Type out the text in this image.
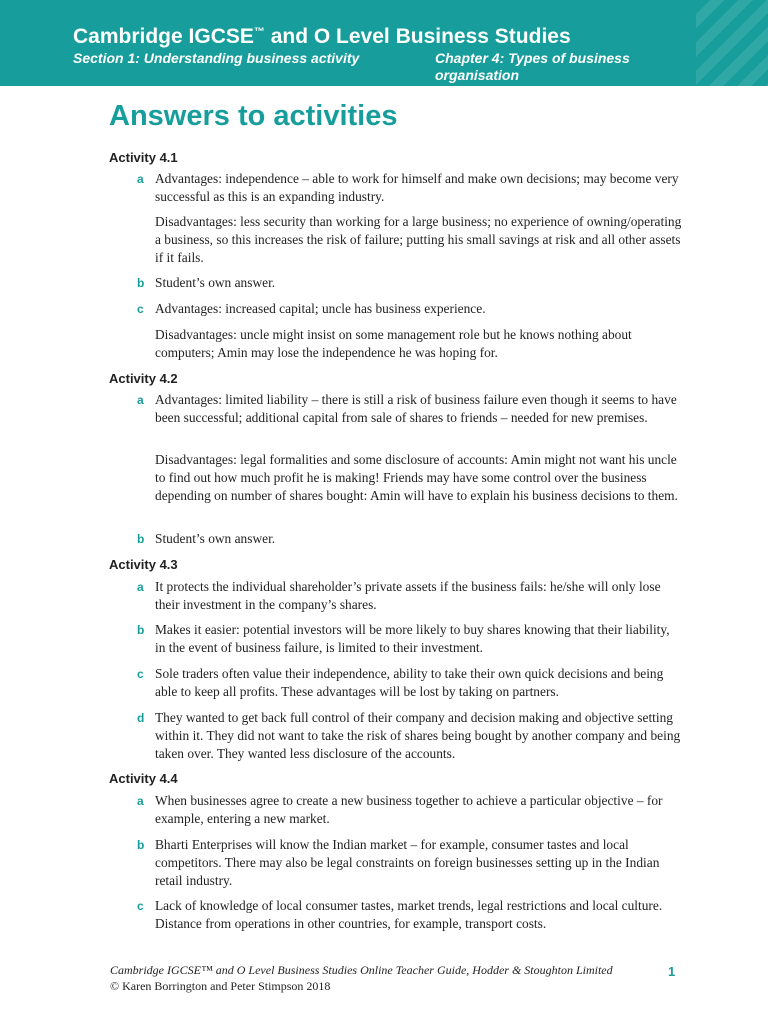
Cambridge IGCSE™ and O Level Business Studies
Section 1: Understanding business activity	Chapter 4: Types of business organisation
Answers to activities
Activity 4.1
a Advantages: independence – able to work for himself and make own decisions; may become very successful as this is an expanding industry.
Disadvantages: less security than working for a large business; no experience of owning/operating a business, so this increases the risk of failure; putting his small savings at risk and all other assets if it fails.
b Student’s own answer.
c Advantages: increased capital; uncle has business experience.
Disadvantages: uncle might insist on some management role but he knows nothing about computers; Amin may lose the independence he was hoping for.
Activity 4.2
a Advantages: limited liability – there is still a risk of business failure even though it seems to have been successful; additional capital from sale of shares to friends – needed for new premises.
Disadvantages: legal formalities and some disclosure of accounts: Amin might not want his uncle to find out how much profit he is making! Friends may have some control over the business depending on number of shares bought: Amin will have to explain his business decisions to them.
b Student’s own answer.
Activity 4.3
a It protects the individual shareholder’s private assets if the business fails: he/she will only lose their investment in the company’s shares.
b Makes it easier: potential investors will be more likely to buy shares knowing that their liability, in the event of business failure, is limited to their investment.
c Sole traders often value their independence, ability to take their own quick decisions and being able to keep all profits. These advantages will be lost by taking on partners.
d They wanted to get back full control of their company and decision making and objective setting within it. They did not want to take the risk of shares being bought by another company and being taken over. They wanted less disclosure of the accounts.
Activity 4.4
a When businesses agree to create a new business together to achieve a particular objective – for example, entering a new market.
b Bharti Enterprises will know the Indian market – for example, consumer tastes and local competitors. There may also be legal constraints on foreign businesses setting up in the Indian retail industry.
c Lack of knowledge of local consumer tastes, market trends, legal restrictions and local culture. Distance from operations in other countries, for example, transport costs.
Cambridge IGCSE™ and O Level Business Studies Online Teacher Guide, Hodder & Stoughton Limited
© Karen Borrington and Peter Stimpson 2018
1
